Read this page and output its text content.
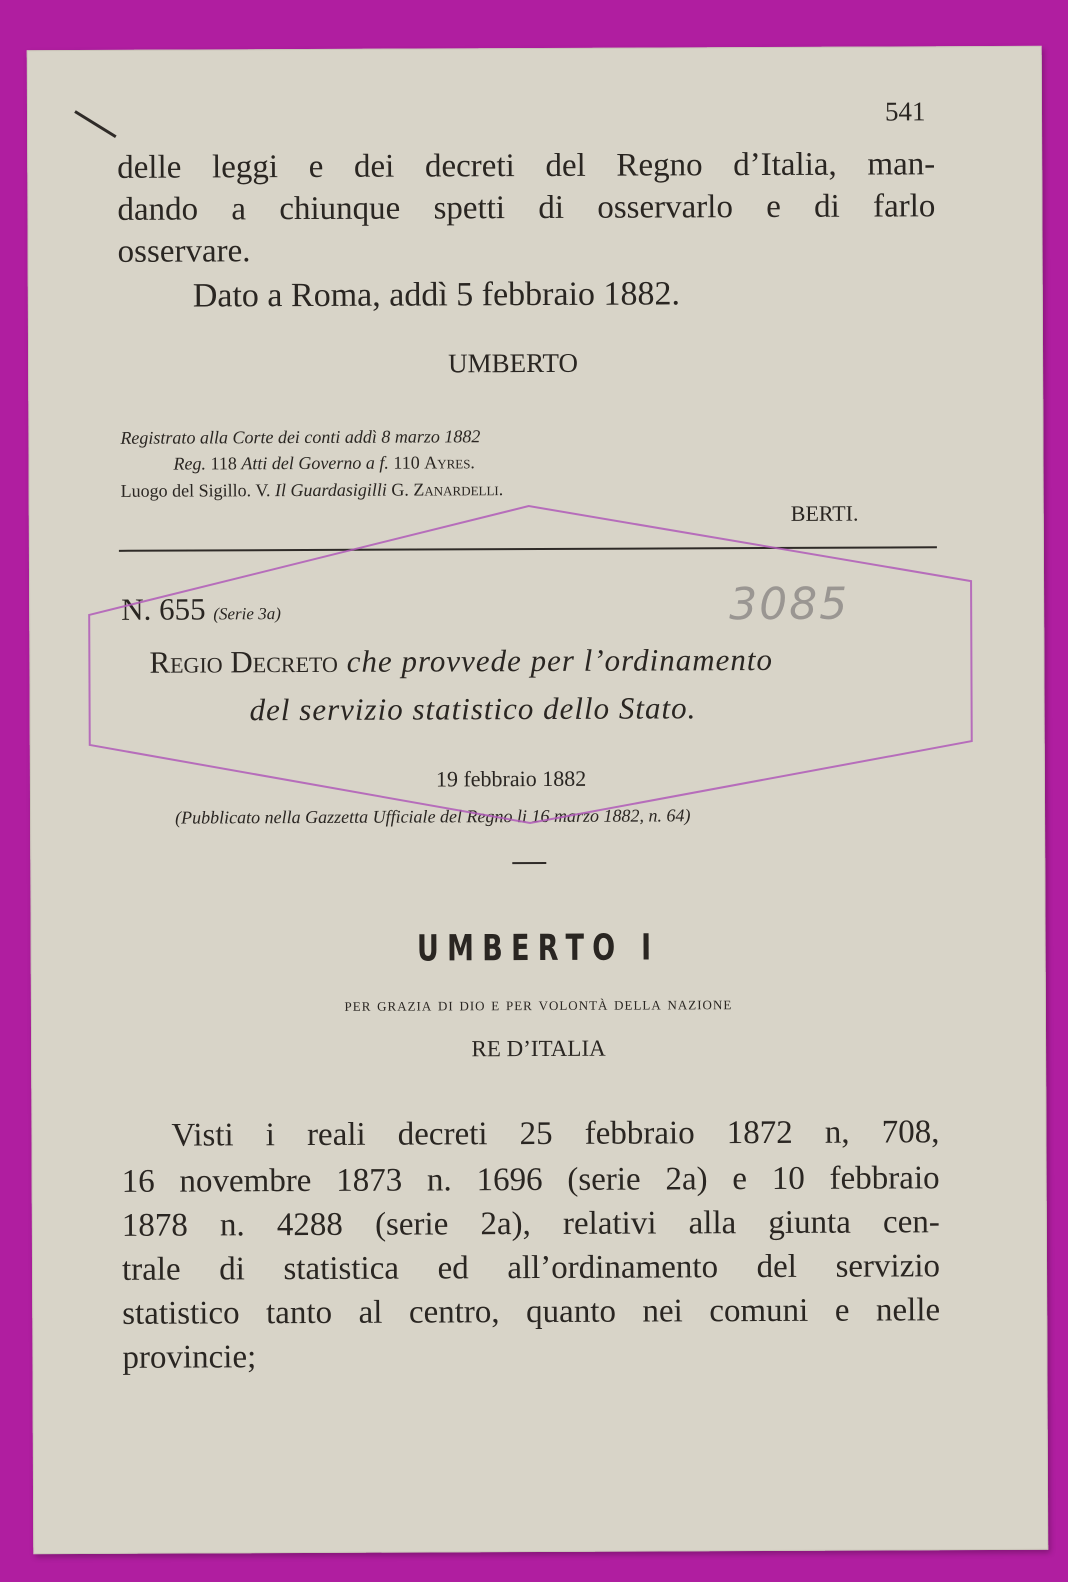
541
delle leggi e dei decreti del Regno d’Italia, man-
dando a chiunque spetti di osservarlo e di farlo
osservare.
Dato a Roma, addì 5 febbraio 1882.
UMBERTO
Registrato alla Corte dei conti addì 8 marzo 1882
Reg. 118 Atti del Governo a f. 110 Ayres.
Luogo del Sigillo. V. Il Guardasigilli G. Zanardelli.
BERTI.
3085
N. 655 (Serie 3a)
Regio Decreto che provvede per l’ordinamento
del servizio statistico dello Stato.
19 febbraio 1882
(Pubblicato nella Gazzetta Ufficiale del Regno li 16 marzo 1882, n. 64)
UMBERTO I
per grazia di dio e per volontà della nazione
RE D’ITALIA
Visti i reali decreti 25 febbraio 1872 n, 708,
16 novembre 1873 n. 1696 (serie 2a) e 10 febbraio
1878 n. 4288 (serie 2a), relativi alla giunta cen-
trale di statistica ed all’ordinamento del servizio
statistico tanto al centro, quanto nei comuni e nelle
provincie;
